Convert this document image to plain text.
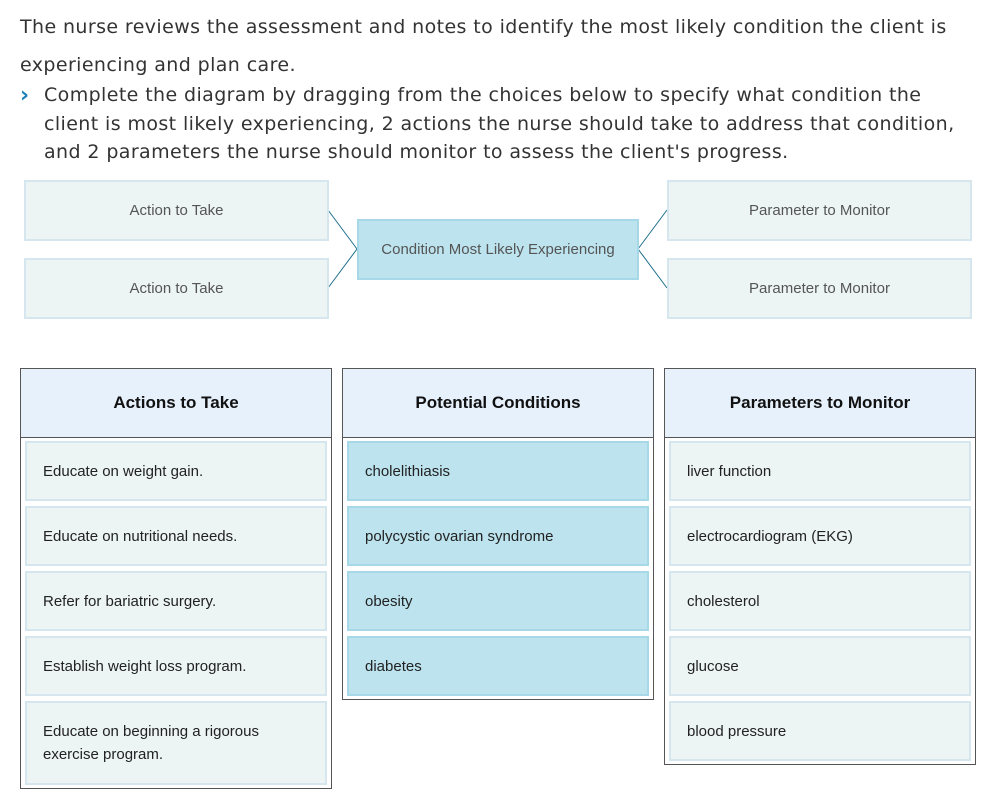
The nurse reviews the assessment and notes to identify the most likely condition the client is experiencing and plan care.

› Complete the diagram by dragging from the choices below to specify what condition the client is most likely experiencing, 2 actions the nurse should take to address that condition, and 2 parameters the nurse should monitor to assess the client's progress.

Action to Take
Action to Take
Condition Most Likely Experiencing
Parameter to Monitor
Parameter to Monitor
Actions to Take
Educate on weight gain.
Educate on nutritional needs.
Refer for bariatric surgery.
Establish weight loss program.
Educate on beginning a rigorous exercise program.
Potential Conditions
cholelithiasis
polycystic ovarian syndrome
obesity
diabetes
Parameters to Monitor
liver function
electrocardiogram (EKG)
cholesterol
glucose
blood pressure
